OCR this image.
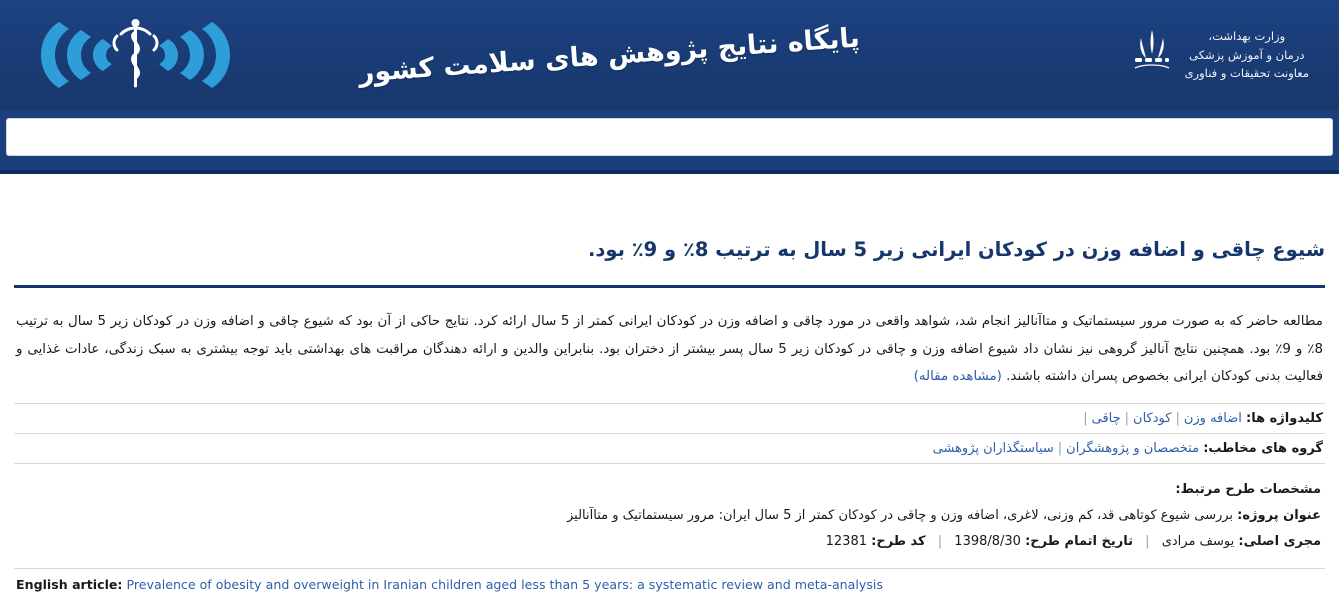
وزارت بهداشت،
درمان و آموزش پزشکی
معاونت تحقیقات و فناوری
پایگاه نتایج پژوهش های سلامت کشور
شیوع چاقی و اضافه وزن در کودکان ایرانی زیر 5 سال به ترتیب 8٪ و 9٪ بود.
مطالعه حاضر که به صورت مرور سیستماتیک و متاآنالیز انجام شد، شواهد واقعی در مورد چاقی و اضافه وزن در کودکان ایرانی کمتر از 5 سال ارائه کرد. نتایج حاکی از آن بود که شیوع چاقی و اضافه وزن در کودکان زیر 5 سال به ترتیب 8٪ و 9٪ بود. همچنین نتایج آنالیز گروهی نیز نشان داد شیوع اضافه وزن و چاقی در کودکان زیر 5 سال پسر بیشتر از دختران بود. بنابراین والدین و ارائه دهندگان مراقبت های بهداشتی باید توجه بیشتری به سبک زندگی، عادات غذایی و فعالیت بدنی کودکان ایرانی بخصوص پسران داشته باشند. (مشاهده مقاله)
کلیدواژه ها: اضافه وزن|کودکان|چاقی|
گروه های مخاطب: متخصصان و پژوهشگران|سیاستگذاران پژوهشی
مشخصات طرح مرتبط:
عنوان پروژه: بررسی شیوع کوتاهی قد، کم وزنی، لاغری، اضافه وزن و چاقی در کودکان کمتر از 5 سال ایران: مرور سیستماتیک و متاآنالیز
مجری اصلی: یوسف مرادی | تاریخ اتمام طرح: 1398/8/30 | کد طرح: 12381
English article: Prevalence of obesity and overweight in Iranian children aged less than 5 years: a systematic review and meta-analysis
